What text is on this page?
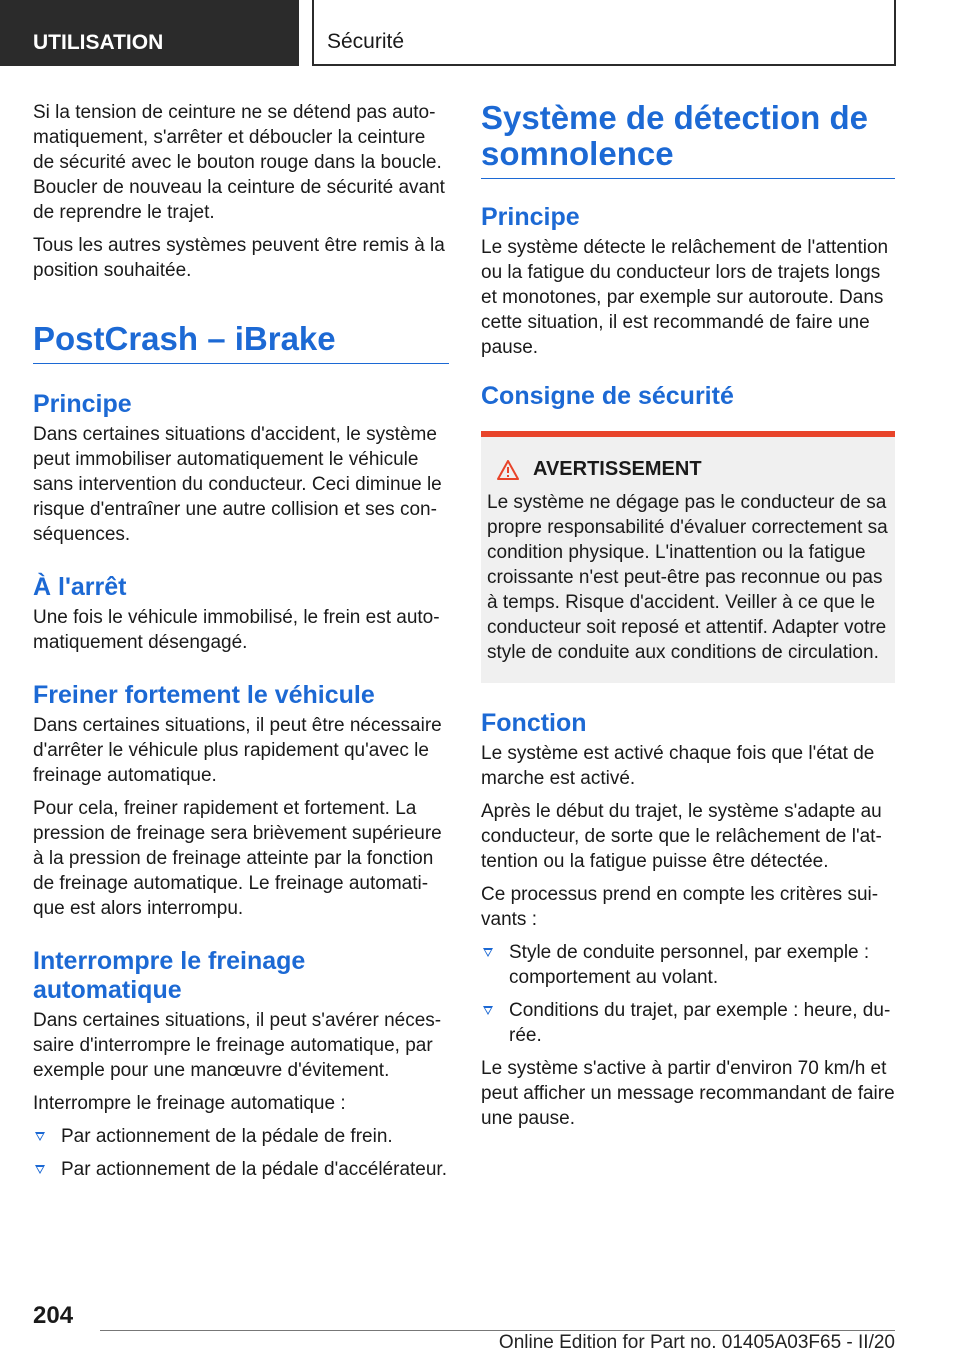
UTILISATION	Sécurité

Si la tension de ceinture ne se détend pas automatiquement, s'arrêter et déboucler la ceinture de sécurité avec le bouton rouge dans la boucle. Boucler de nouveau la ceinture de sécurité avant de reprendre le trajet.

Tous les autres systèmes peuvent être remis à la position souhaitée.

PostCrash – iBrake
Principe

Dans certaines situations d'accident, le système peut immobiliser automatiquement le véhicule sans intervention du conducteur. Ceci diminue le risque d'entraîner une autre collision et ses conséquences.

À l'arrêt

Une fois le véhicule immobilisé, le frein est automatiquement désengagé.

Freiner fortement le véhicule

Dans certaines situations, il peut être nécessaire d'arrêter le véhicule plus rapidement qu'avec le freinage automatique.

Pour cela, freiner rapidement et fortement. La pression de freinage sera brièvement supérieure à la pression de freinage atteinte par la fonction de freinage automatique. Le freinage automatique est alors interrompu.

Interrompre le freinage automatique

Dans certaines situations, il peut s'avérer nécessaire d'interrompre le freinage automatique, par exemple pour une manœuvre d'évitement.

Interrompre le freinage automatique :

Par actionnement de la pédale de frein.
Par actionnement de la pédale d'accélérateur.
Système de détection de somnolence
Principe

Le système détecte le relâchement de l'attention ou la fatigue du conducteur lors de trajets longs et monotones, par exemple sur autoroute. Dans cette situation, il est recommandé de faire une pause.

Consigne de sécurité
AVERTISSEMENT

Le système ne dégage pas le conducteur de sa propre responsabilité d'évaluer correctement sa condition physique. L'inattention ou la fatigue croissante n'est peut-être pas reconnue ou pas à temps. Risque d'accident. Veiller à ce que le conducteur soit reposé et attentif. Adapter votre style de conduite aux conditions de circulation.

Fonction

Le système est activé chaque fois que l'état de marche est activé.

Après le début du trajet, le système s'adapte au conducteur, de sorte que le relâchement de l'attention ou la fatigue puisse être détectée.

Ce processus prend en compte les critères suivants :

Style de conduite personnel, par exemple : comportement au volant.
Conditions du trajet, par exemple : heure, durée.

Le système s'active à partir d'environ 70 km/h et peut afficher un message recommandant de faire une pause.

204
Online Edition for Part no. 01405A03F65 - II/20
